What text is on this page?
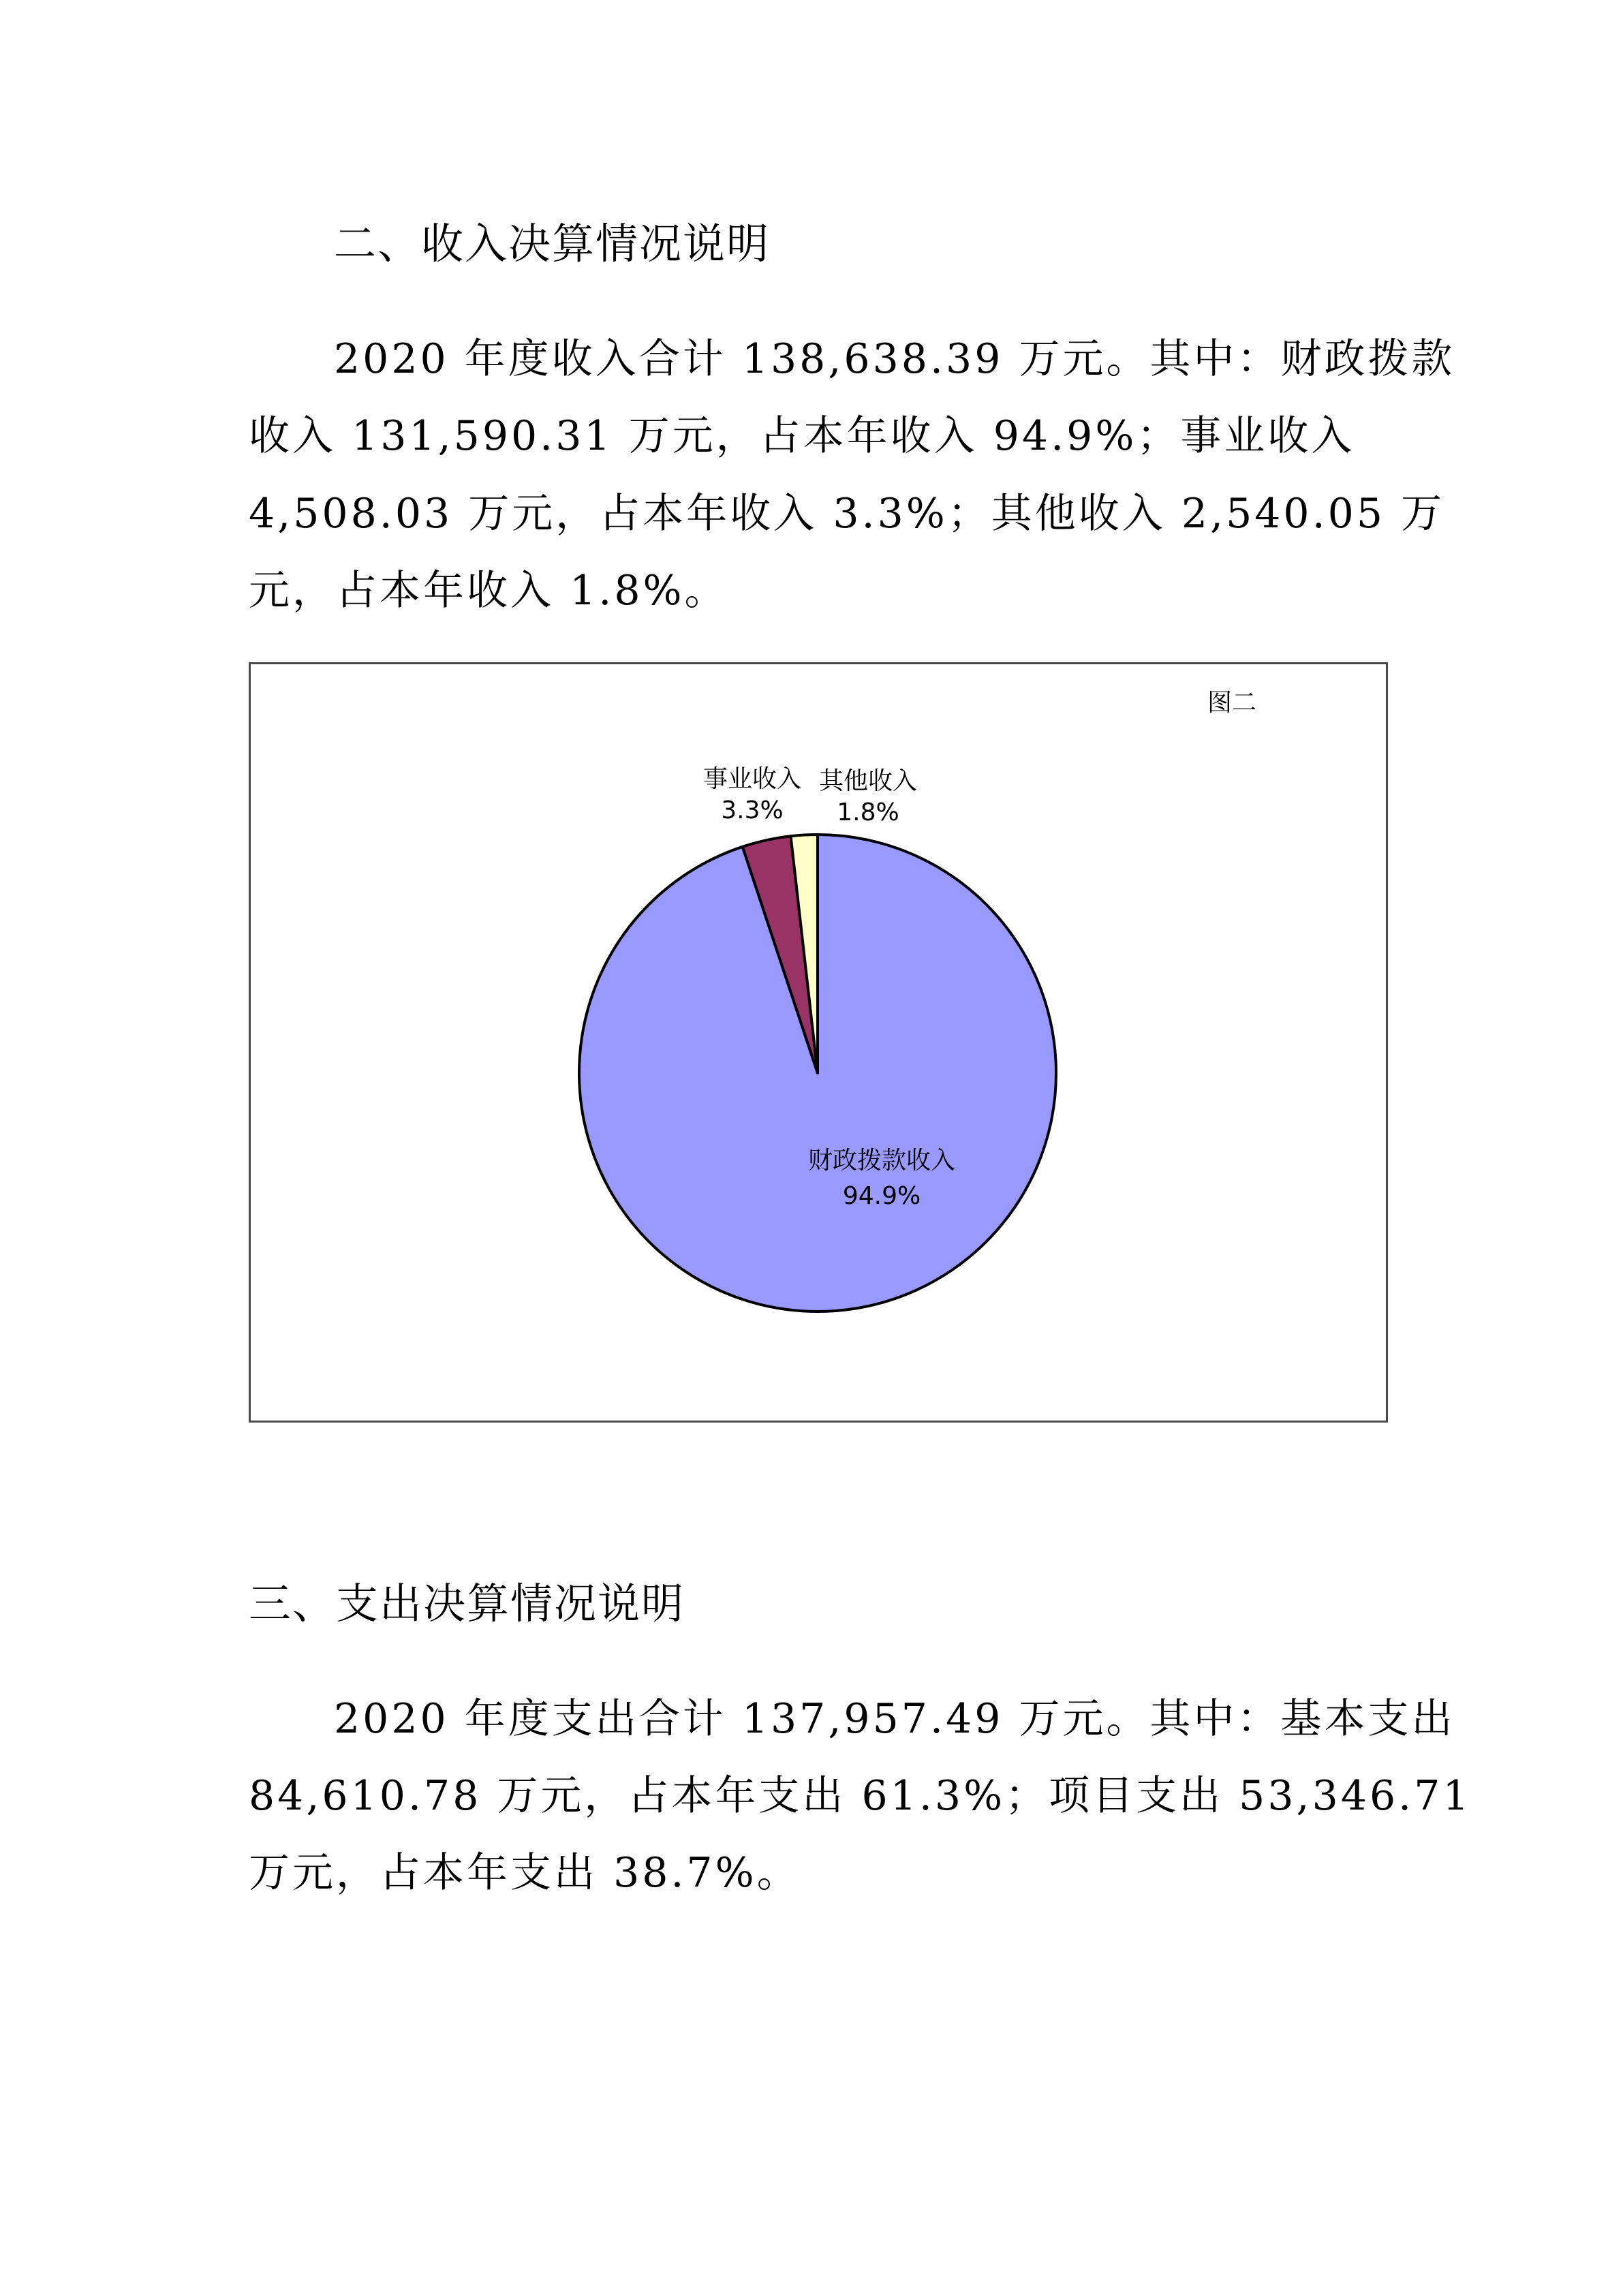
二、收入决算情况说明
2020 年度收入合计 138,638.39 万元。其中：财政拨款
收入 131,590.31 万元，占本年收入 94.9%；事业收入
4,508.03 万元，占本年收入 3.3%；其他收入 2,540.05 万
元，占本年收入 1.8%。
图二
财政拨款收入
94.9%
事业收入
3.3%
其他收入
1.8%
三、支出决算情况说明
2020 年度支出合计 137,957.49 万元。其中：基本支出
84,610.78 万元，占本年支出 61.3%；项目支出 53,346.71
万元，占本年支出 38.7%。
